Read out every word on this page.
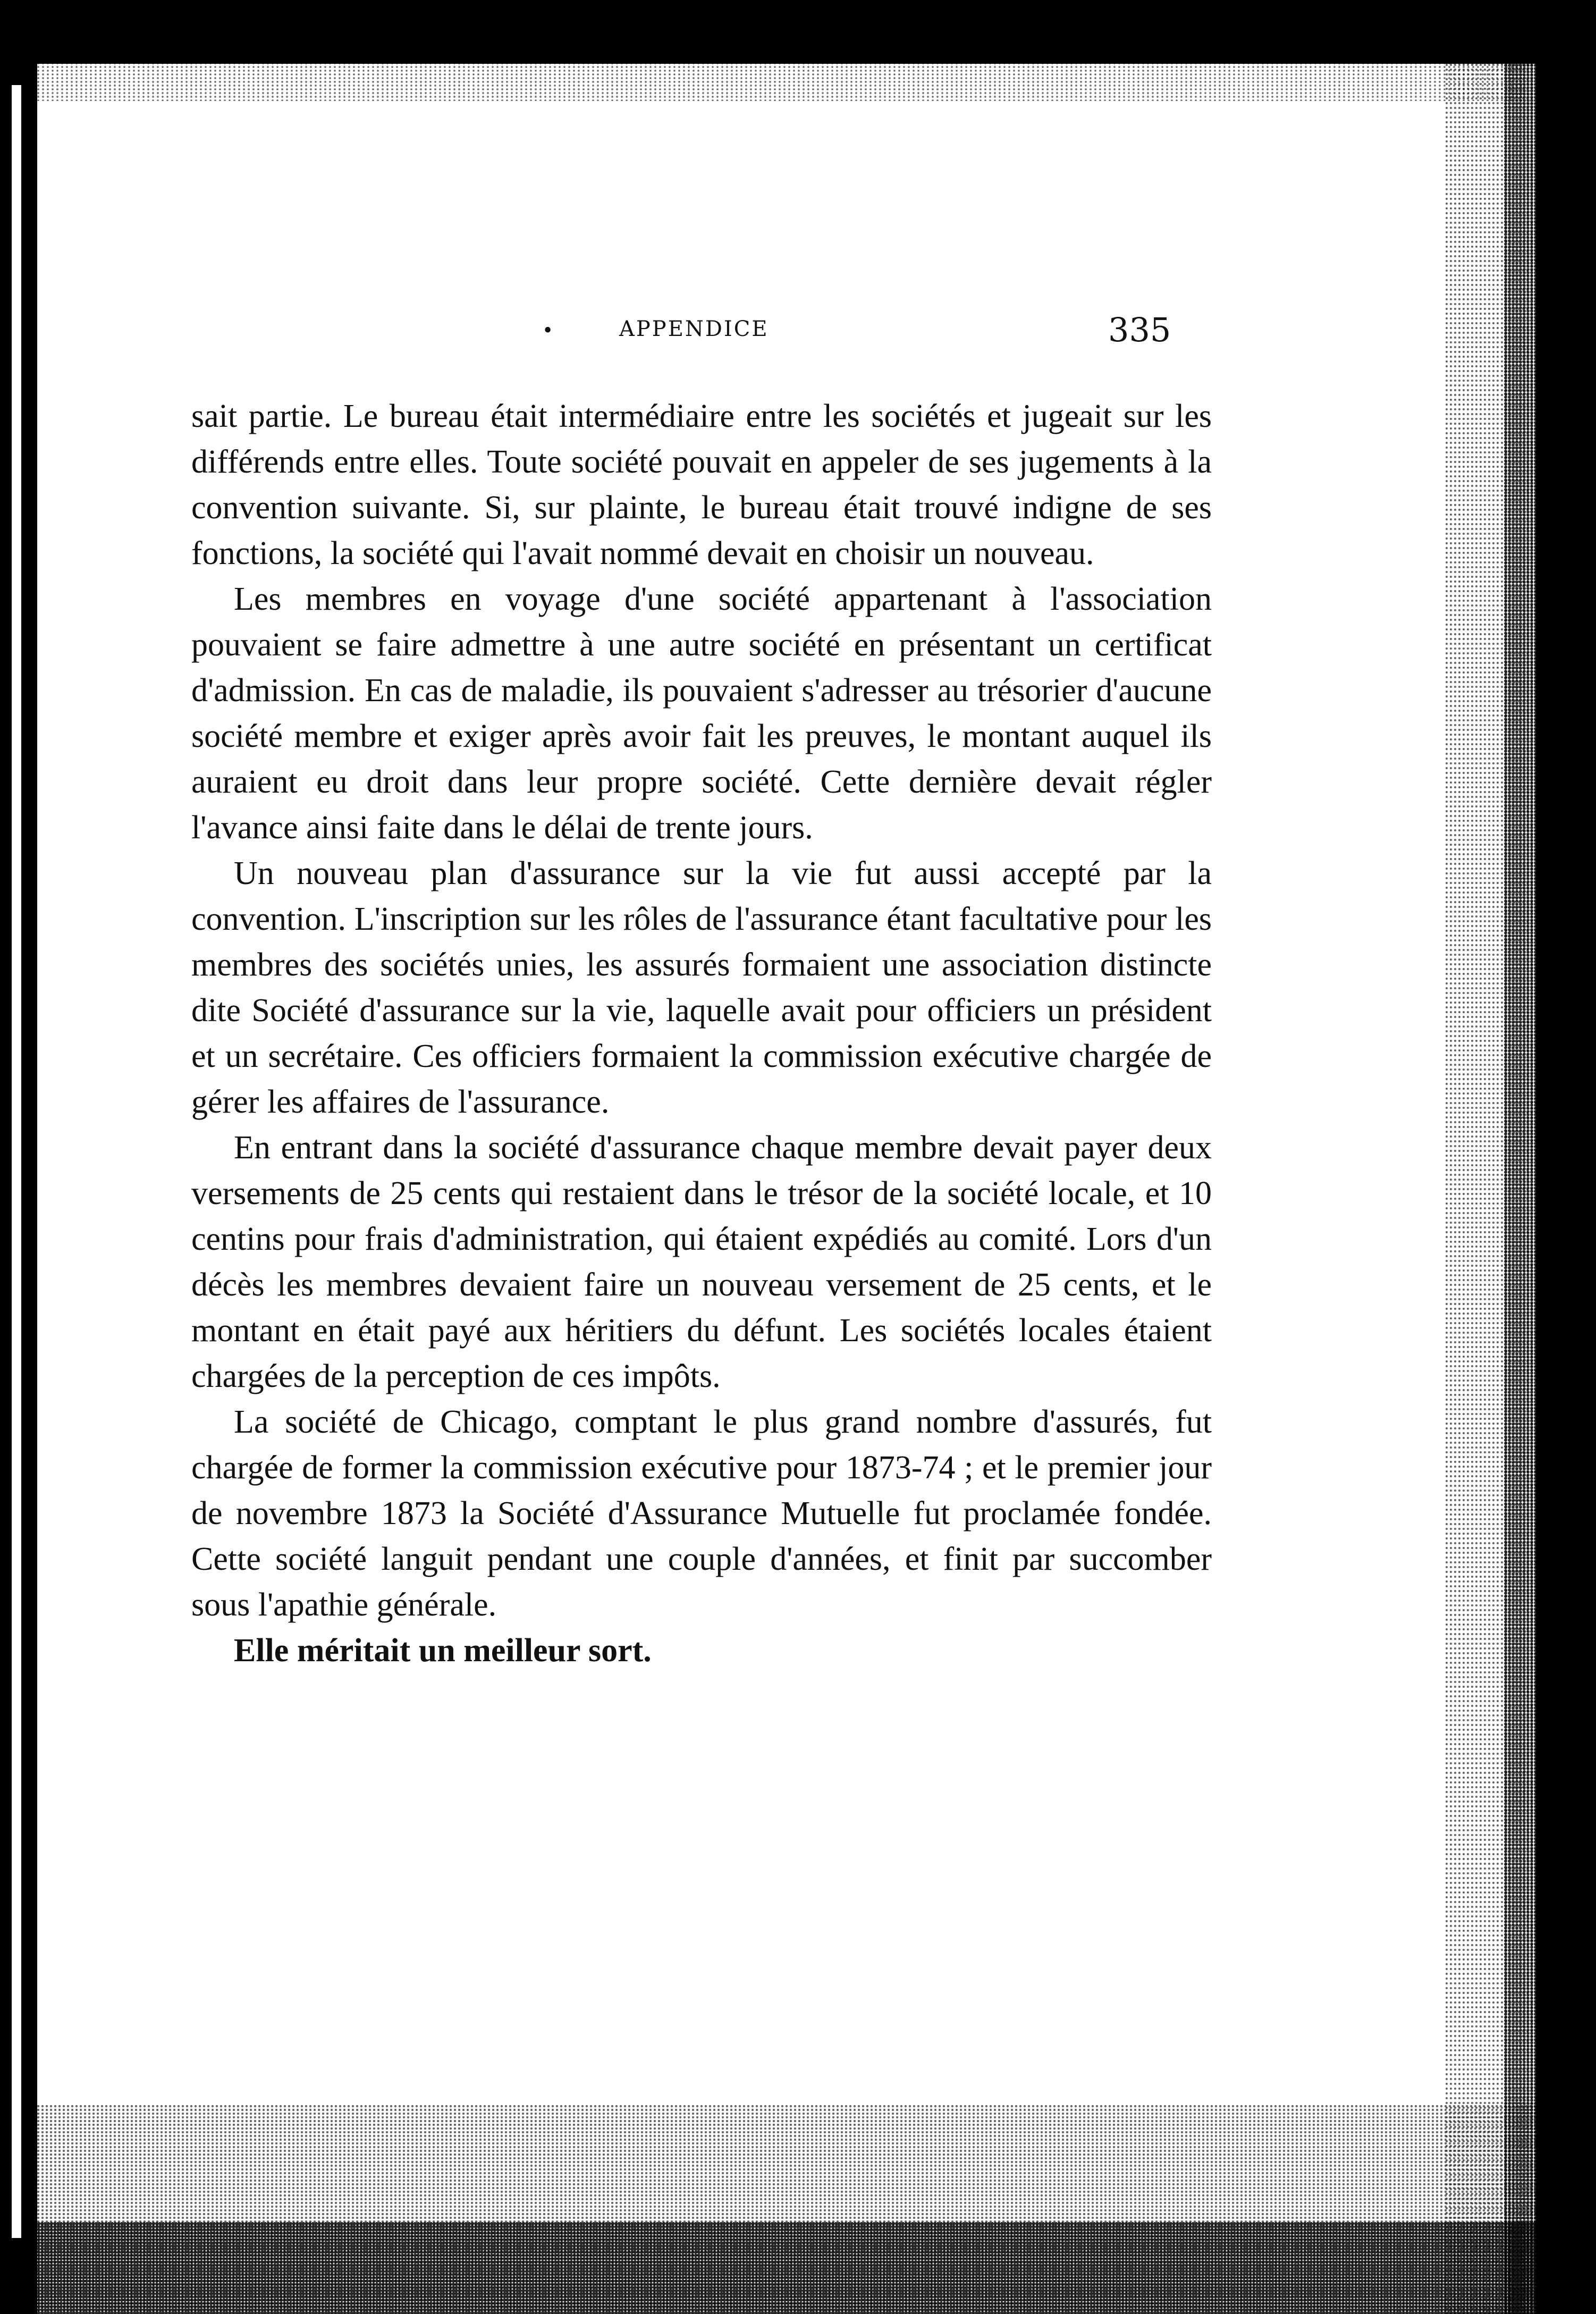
•	APPENDICE	335

sait partie. Le bureau était intermédiaire entre les sociétés et jugeait sur les différends entre elles. Toute société pouvait en appeler de ses jugements à la convention suivante. Si, sur plainte, le bureau était trouvé indigne de ses fonctions, la société qui l'avait nommé devait en choisir un nouveau.

Les membres en voyage d'une société appartenant à l'association pouvaient se faire admettre à une autre société en présentant un certificat d'admission. En cas de maladie, ils pouvaient s'adresser au trésorier d'aucune société membre et exiger après avoir fait les preuves, le montant auquel ils auraient eu droit dans leur propre société. Cette dernière devait régler l'avance ainsi faite dans le délai de trente jours.

Un nouveau plan d'assurance sur la vie fut aussi accepté par la convention. L'inscription sur les rôles de l'assurance étant facultative pour les membres des sociétés unies, les assurés formaient une association distincte dite Société d'assurance sur la vie, laquelle avait pour officiers un président et un secrétaire. Ces officiers formaient la commission exécutive chargée de gérer les affaires de l'assurance.

En entrant dans la société d'assurance chaque membre devait payer deux versements de 25 cents qui restaient dans le trésor de la société locale, et 10 centins pour frais d'administration, qui étaient expédiés au comité. Lors d'un décès les membres devaient faire un nouveau versement de 25 cents, et le montant en était payé aux héritiers du défunt. Les sociétés locales étaient chargées de la perception de ces impôts.

La société de Chicago, comptant le plus grand nombre d'assurés, fut chargée de former la commission exécutive pour 1873-74 ; et le premier jour de novembre 1873 la Société d'Assurance Mutuelle fut proclamée fondée. Cette société languit pendant une couple d'années, et finit par succomber sous l'apathie générale.

Elle méritait un meilleur sort.
